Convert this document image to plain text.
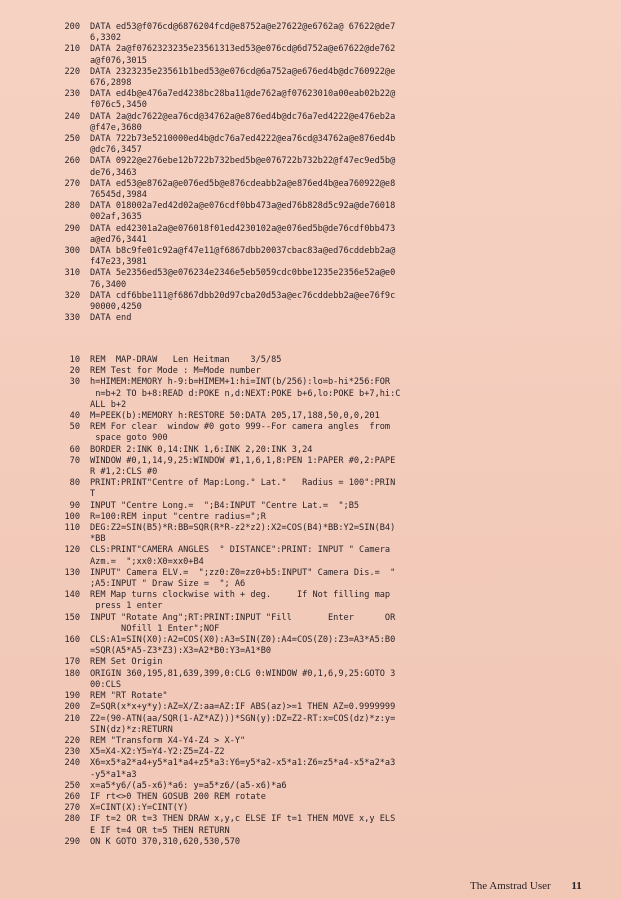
200	DATA ed53@f076cd@6876204fcd@e8752a@e27622@e6762a@ 67622@de7
6,3302
210	DATA 2a@f0762323235e23561313ed53@e076cd@6d752a@e67622@de762
a@f076,3015
220	DATA 2323235e23561b1bed53@e076cd@6a752a@e676ed4b@dc760922@e
676,2898
230	DATA ed4b@e476a7ed4238bc28ba11@de762a@f07623010a00eab02b22@
f076c5,3450
240	DATA 2a@dc7622@ea76cd@34762a@e876ed4b@dc76a7ed4222@e476eb2a
@f47e,3680
250	DATA 722b73e5210000ed4b@dc76a7ed4222@ea76cd@34762a@e876ed4b
@dc76,3457
260	DATA 0922@e276ebe12b722b732bed5b@e076722b732b22@f47ec9ed5b@
de76,3463
270	DATA ed53@e8762a@e076ed5b@e876cdeabb2a@e876ed4b@ea760922@e8
76545d,3984
280	DATA 018002a7ed42d02a@e076cdf0bb473a@ed76b828d5c92a@de76018
002af,3635
290	DATA ed42301a2a@e076018f01ed4230102a@e076ed5b@de76cdf0bb473
a@ed76,3441
300	DATA b8c9fe01c92a@f47e11@f6867dbb20037cbac83a@ed76cddebb2a@
f47e23,3981
310	DATA 5e2356ed53@e076234e2346e5eb5059cdc0bbe1235e2356e52a@e0
76,3400
320	DATA cdf6bbe111@f6867dbb20d97cba20d53a@ec76cddebb2a@ee76f9c
90000,4250
330	DATA end
10	REM  MAP-DRAW   Len Heitman    3/5/85
20	REM Test for Mode : M=Mode number
30	h=HIMEM:MEMORY h-9:b=HIMEM+1:hi=INT(b/256):lo=b-hi*256:FOR
n=b+2 TO b+8:READ d:POKE n,d:NEXT:POKE b+6,lo:POKE b+7,hi:C
ALL b+2
40	M=PEEK(b):MEMORY h:RESTORE 50:DATA 205,17,188,50,0,0,201
50	REM For clear  window #0 goto 999--For camera angles  from
space goto 900
60	BORDER 2:INK 0,14:INK 1,6:INK 2,20:INK 3,24
70	WINDOW #0,1,14,9,25:WINDOW #1,1,6,1,8:PEN 1:PAPER #0,2:PAPE
R #1,2:CLS #0
80	PRINT:PRINT"Centre of Map:Long.° Lat.°   Radius = 100":PRIN
T
90	INPUT "Centre Long.=  ";B4:INPUT "Centre Lat.=  ";B5
100	R=100:REM input "centre radius=";R
110	DEG:Z2=SIN(B5)*R:BB=SQR(R*R-z2*z2):X2=COS(B4)*BB:Y2=SIN(B4)
*BB
120	CLS:PRINT"CAMERA ANGLES  ° DISTANCE":PRINT: INPUT " Camera
Azm.=  ";xx0:X0=xx0+B4
130	INPUT" Camera ELV.=  ";zz0:Z0=zz0+b5:INPUT" Camera Dis.=  "
;A5:INPUT " Draw Size =  "; A6
140	REM Map turns clockwise with + deg.     If Not filling map
press 1 enter
150	INPUT "Rotate Ang";RT:PRINT:INPUT "Fill       Enter      OR
NOfill 1 Enter";NOF
160	CLS:A1=SIN(X0):A2=COS(X0):A3=SIN(Z0):A4=COS(Z0):Z3=A3*A5:B0
=SQR(A5*A5-Z3*Z3):X3=A2*B0:Y3=A1*B0
170	REM Set Origin
180	ORIGIN 360,195,81,639,399,0:CLG 0:WINDOW #0,1,6,9,25:GOTO 3
00:CLS
190	REM "RT Rotate"
200	Z=SQR(x*x+y*y):AZ=X/Z:aa=AZ:IF ABS(az)>=1 THEN AZ=0.9999999
210	Z2=(90-ATN(aa/SQR(1-AZ*AZ)))*SGN(y):DZ=Z2-RT:x=COS(dz)*z:y=
SIN(dz)*z:RETURN
220	REM "Transform X4-Y4-Z4 > X-Y"
230	X5=X4-X2:Y5=Y4-Y2:Z5=Z4-Z2
240	X6=x5*a2*a4+y5*a1*a4+z5*a3:Y6=y5*a2-x5*a1:Z6=z5*a4-x5*a2*a3
-y5*a1*a3
250	x=a5*y6/(a5-x6)*a6: y=a5*z6/(a5-x6)*a6
260	IF rt<>0 THEN GOSUB 200 REM rotate
270	X=CINT(X):Y=CINT(Y)
280	IF t=2 OR t=3 THEN DRAW x,y,c ELSE IF t=1 THEN MOVE x,y ELS
E IF t=4 OR t=5 THEN RETURN
290	ON K GOTO 370,310,620,530,570
The Amstrad User 11
